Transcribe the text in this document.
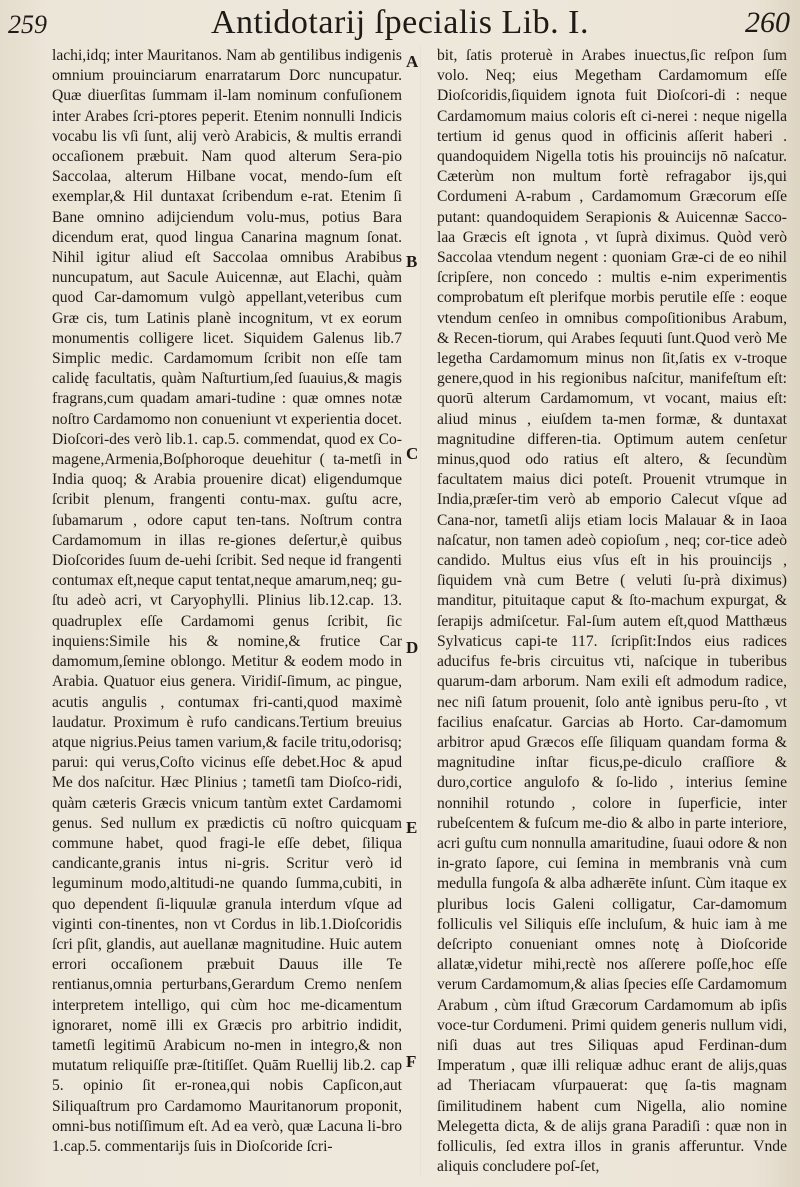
259	Antidotarij ſpecialis Lib. I.	260

lachi,idq; inter Mauritanos. Nam ab gentilibus indigenis omnium prouinciarum enarratarum Dorc nuncupatur. Quæ diuerſitas ſummam il-lam nominum confuſionem inter Arabes ſcri-ptores peperit. Etenim nonnulli Indicis vocabu lis vſi ſunt, alij verò Arabicis, & multis errandi occaſionem præbuit. Nam quod alterum Sera-pio Saccolaa, alterum Hilbane vocat, mendo-ſum eſt exemplar,& Hil duntaxat ſcribendum e-rat. Etenim ſi Bane omnino adijciendum volu-mus, potius Bara dicendum erat, quod lingua Canarina magnum ſonat. Nihil igitur aliud eſt Saccolaa omnibus Arabibus nuncupatum, aut Sacule Auicennæ, aut Elachi, quàm quod Car-damomum vulgò appellant,veteribus cum Græ cis, tum Latinis planè incognitum, vt ex eorum monumentis colligere licet. Siquidem Galenus lib.7 Simplic medic. Cardamomum ſcribit non eſſe tam calidę facultatis, quàm Naſturtium,ſed ſuauius,& magis fragrans,cum quadam amari-tudine : quæ omnes notæ noſtro Cardamomo non conueniunt vt experientia docet. Dioſcori-des verò lib.1. cap.5. commendat, quod ex Co-magene,Armenia,Boſphoroque deuehitur ( ta-metſi in India quoq; & Arabia prouenire dicat) eligendumque ſcribit plenum, frangenti contu-max. guſtu acre, ſubamarum , odore caput ten-tans. Noſtrum contra Cardamomum in illas re-giones deſertur,è quibus Dioſcorides ſuum de-uehi ſcribit. Sed neque id frangenti contumax eſt,neque caput tentat,neque amarum,neq; gu-ſtu adeò acri, vt Caryophylli. Plinius lib.12.cap. 13. quadruplex eſſe Cardamomi genus ſcribit, ſic inquiens:Simile his & nomine,& frutice Car damomum,ſemine oblongo. Metitur & eodem modo in Arabia. Quatuor eius genera. Viridiſ-ſimum, ac pingue, acutis angulis , contumax fri-canti,quod maximè laudatur. Proximum è rufo candicans.Tertium breuius atque nigrius.Peius tamen varium,& facile tritu,odorisq; parui: qui verus,Coſto vicinus eſſe debet.Hoc & apud Me dos naſcitur. Hæc Plinius ; tametſi tam Dioſco-ridi, quàm cæteris Græcis vnicum tantùm extet Cardamomi genus. Sed nullum ex prædictis cū noſtro quicquam commune habet, quod fragi-le eſſe debet, ſiliqua candicante,granis intus ni-gris. Scritur verò id leguminum modo,altitudi-ne quando ſumma,cubiti, in quo dependent ſi-liquulæ granula interdum vſque ad viginti con-tinentes, non vt Cordus in lib.1.Dioſcoridis ſcri pſit, glandis, aut auellanæ magnitudine. Huic autem errori occaſionem præbuit Dauus ille Te rentianus,omnia perturbans,Gerardum Cremo nenſem interpretem intelligo, qui cùm hoc me-dicamentum ignoraret, nomē illi ex Græcis pro arbitrio indidit, tametſi legitimū Arabicum no-men in integro,& non mutatum reliquiſſe præ-ſtitiſſet. Quām Ruellij lib.2. cap 5. opinio ſit er-ronea,qui nobis Capſicon,aut Siliquaſtrum pro Cardamomo Mauritanorum proponit, omni-bus notiſſimum eſt. Ad ea verò, quæ Lacuna li-bro 1.cap.5. commentarijs ſuis in Dioſcoride ſcri-

A
B
C
D
E
F

bit, ſatis proteruè in Arabes inuectus,ſic reſpon ſum volo. Neq; eius Megetham Cardamomum eſſe Dioſcoridis,ſiquidem ignota fuit Dioſcori-di : neque Cardamomum maius coloris eſt ci-nerei : neque nigella tertium id genus quod in officinis aſſerit haberi . quandoquidem Nigella totis his prouincijs nō naſcatur. Cæterùm non multum fortè refragabor ijs,qui Cordumeni A-rabum , Cardamomum Græcorum eſſe putant: quandoquidem Serapionis & Auicennæ Sacco-laa Græcis eſt ignota , vt ſuprà diximus. Quòd verò Saccolaa vtendum negent : quoniam Græ-ci de eo nihil ſcripſere, non concedo : multis e-nim experimentis comprobatum eſt plerifque morbis perutile eſſe : eoque vtendum cenſeo in omnibus compoſitionibus Arabum, & Recen-tiorum, qui Arabes ſequuti ſunt.Quod verò Me legetha Cardamomum minus non ſit,ſatis ex v-troque genere,quod in his regionibus naſcitur, manifeſtum eſt: quorū alterum Cardamomum, vt vocant, maius eſt: aliud minus , eiuſdem ta-men formæ, & duntaxat magnitudine differen-tia. Optimum autem cenſetur minus,quod odo ratius eſt altero, & ſecundùm facultatem maius dici poteſt. Prouenit vtrumque in India,præſer-tim verò ab emporio Calecut vſque ad Cana-nor, tametſi alijs etiam locis Malauar & in Iaoa naſcatur, non tamen adeò copioſum , neq; cor-tice adeò candido. Multus eius vſus eſt in his prouincijs , ſiquidem vnà cum Betre ( veluti ſu-prà diximus) manditur, pituitaque caput & ſto-machum expurgat, & ſerapijs admiſcetur. Fal-ſum autem eſt,quod Matthæus Sylvaticus capi-te 117. ſcripſit:Indos eius radices aducifus fe-bris circuitus vti, naſcique in tuberibus quarum-dam arborum. Nam exili eſt admodum radice, nec niſi ſatum prouenit, ſolo antè ignibus peru-ſto , vt facilius enaſcatur. Garcias ab Horto. Car-damomum arbitror apud Græcos eſſe ſiliquam quandam forma & magnitudine inſtar ficus,pe-diculo craſſiore & duro,cortice angulofo & ſo-lido , interius ſemine nonnihil rotundo , colore in ſuperficie, inter rubeſcentem & fuſcum me-dio & albo in parte interiore, acri guſtu cum nonnulla amaritudine, ſuaui odore & non in-grato ſapore, cui ſemina in membranis vnà cum medulla fungoſa & alba adhærēte inſunt. Cùm itaque ex pluribus locis Galeni colligatur, Car-damomum folliculis vel Siliquis eſſe incluſum, & huic iam à me deſcripto conueniant omnes notę à Dioſcoride allatæ,videtur mihi,rectè nos aſſerere poſſe,hoc eſſe verum Cardamomum,& alias ſpecies eſſe Cardamomum Arabum , cùm iſtud Græcorum Cardamomum ab ipſis voce-tur Cordumeni. Primi quidem generis nullum vidi, niſi duas aut tres Siliquas apud Ferdinan-dum Imperatum , quæ illi reliquæ adhuc erant de alijs,quas ad Theriacam vſurpauerat: quę ſa-tis magnam ſimilitudinem habent cum Nigella, alio nomine Melegetta dicta, & de alijs grana Paradiſi : quæ non in folliculis, ſed extra illos in granis afferuntur. Vnde aliquis concludere poſ-ſet,
